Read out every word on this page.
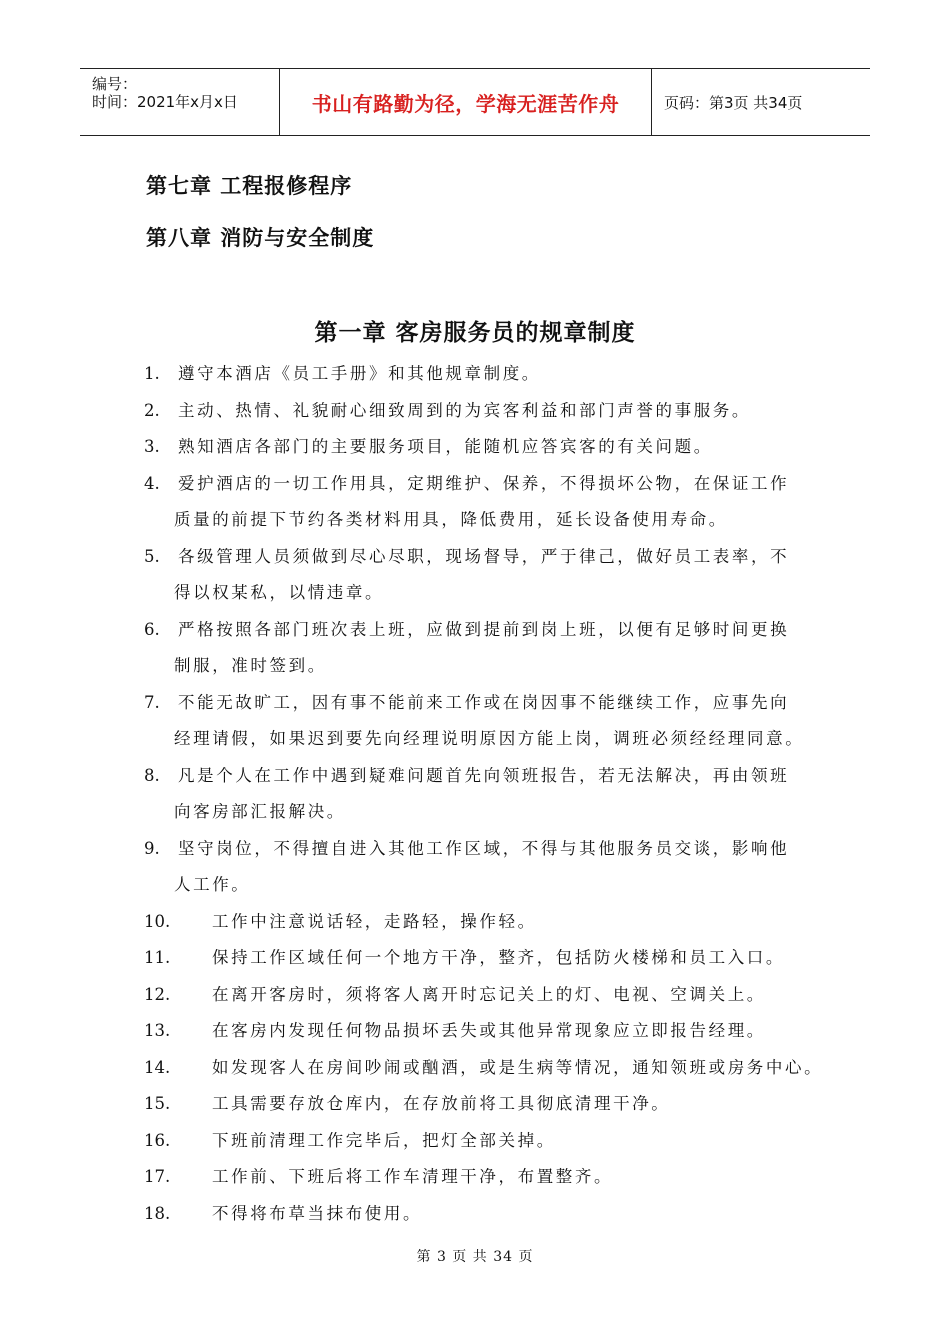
编号：
时间：2021年x月x日	书山有路勤为径，学海无涯苦作舟	页码：第3页 共34页
第七章 工程报修程序
第八章 消防与安全制度
第一章 客房服务员的规章制度
1.	遵守本酒店《员工手册》和其他规章制度。
2.	主动、热情、礼貌耐心细致周到的为宾客利益和部门声誉的事服务。
3.	熟知酒店各部门的主要服务项目，能随机应答宾客的有关问题。
4.	爱护酒店的一切工作用具，定期维护、保养，不得损坏公物，在保证工作
质量的前提下节约各类材料用具，降低费用，延长设备使用寿命。
5.	各级管理人员须做到尽心尽职，现场督导，严于律己，做好员工表率，不
得以权某私，以情违章。
6.	严格按照各部门班次表上班，应做到提前到岗上班，以便有足够时间更换
制服，准时签到。
7.	不能无故旷工，因有事不能前来工作或在岗因事不能继续工作，应事先向
经理请假，如果迟到要先向经理说明原因方能上岗，调班必须经经理同意。
8.	凡是个人在工作中遇到疑难问题首先向领班报告，若无法解决，再由领班
向客房部汇报解决。
9.	坚守岗位，不得擅自进入其他工作区域，不得与其他服务员交谈，影响他
人工作。
10.	工作中注意说话轻，走路轻，操作轻。
11.	保持工作区域任何一个地方干净，整齐，包括防火楼梯和员工入口。
12.	在离开客房时，须将客人离开时忘记关上的灯、电视、空调关上。
13.	在客房内发现任何物品损坏丢失或其他异常现象应立即报告经理。
14.	如发现客人在房间吵闹或酗酒，或是生病等情况，通知领班或房务中心。
15.	工具需要存放仓库内，在存放前将工具彻底清理干净。
16.	下班前清理工作完毕后，把灯全部关掉。
17.	工作前、下班后将工作车清理干净，布置整齐。
18.	不得将布草当抹布使用。
第 3 页 共 34 页
